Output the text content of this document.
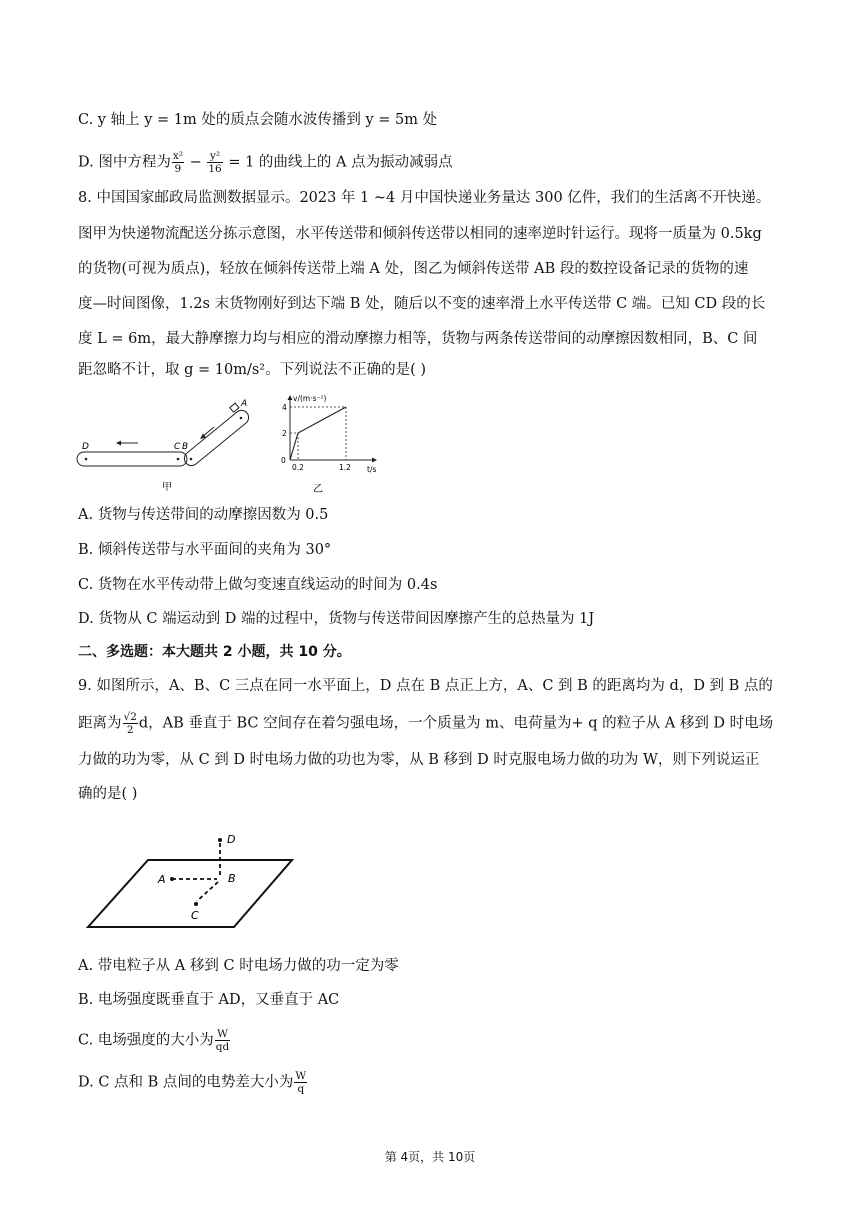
C. y 轴上 y = 1m 处的质点会随水波传播到 y = 5m 处
D. 图中方程为 $\frac{\text{x²}}{9} - \frac{\text{y²}}{16} = 1$ 的曲线上的 A 点为振动减弱点
8. 中国国家邮政局监测数据显示。2023 年 1 ~4 月中国快递业务量达 300 亿件，我们的生活离不开快递。
图甲为快递物流配送分拣示意图，水平传送带和倾斜传送带以相同的速率逆时针运行。现将一质量为 0.5kg
的货物(可视为质点)，轻放在倾斜传送带上端 A 处，图乙为倾斜传送带 AB 段的数控设备记录的货物的速
度—时间图像，1.2s 末货物刚好到达下端 B 处，随后以不变的速率滑上水平传送带 C 端。已知 CD 段的长
度 L = 6m，最大静摩擦力均与相应的滑动摩擦力相等，货物与两条传送带间的动摩擦因数相同，B、C 间
距忽略不计，取 g = 10m/s²。下列说法不正确的是( )
D	C B
A
甲
v/(m·s⁻¹)
t/s
0
2
4
0.2	1.2
乙
A. 货物与传送带间的动摩擦因数为 0.5
B. 倾斜传送带与水平面间的夹角为 30°
C. 货物在水平传动带上做匀变速直线运动的时间为 0.4s
D. 货物从 C 端运动到 D 端的过程中，货物与传送带间因摩擦产生的总热量为 1J
二、多选题：本大题共 2 小题，共 10 分。
9. 如图所示，A、B、C 三点在同一水平面上，D 点在 B 点正上方，A、C 到 B 的距离均为 d，D 到 B 点的
距离为 $\frac{√2}{2}$ d，AB 垂直于 BC 空间存在着匀强电场，一个质量为 m、电荷量为+ q 的粒子从 A 移到 D 时电场
力做的功为零，从 C 到 D 时电场力做的功也为零，从 B 移到 D 时克服电场力做的功为 W，则下列说运正
确的是( )
D
A	B
C
A. 带电粒子从 A 移到 C 时电场力做的功一定为零
B. 电场强度既垂直于 AD，又垂直于 AC
C. 电场强度的大小为 $\frac{W}{qd}$
D. C 点和 B 点间的电势差大小为 $\frac{W}{q}$
第 4页，共 10页
